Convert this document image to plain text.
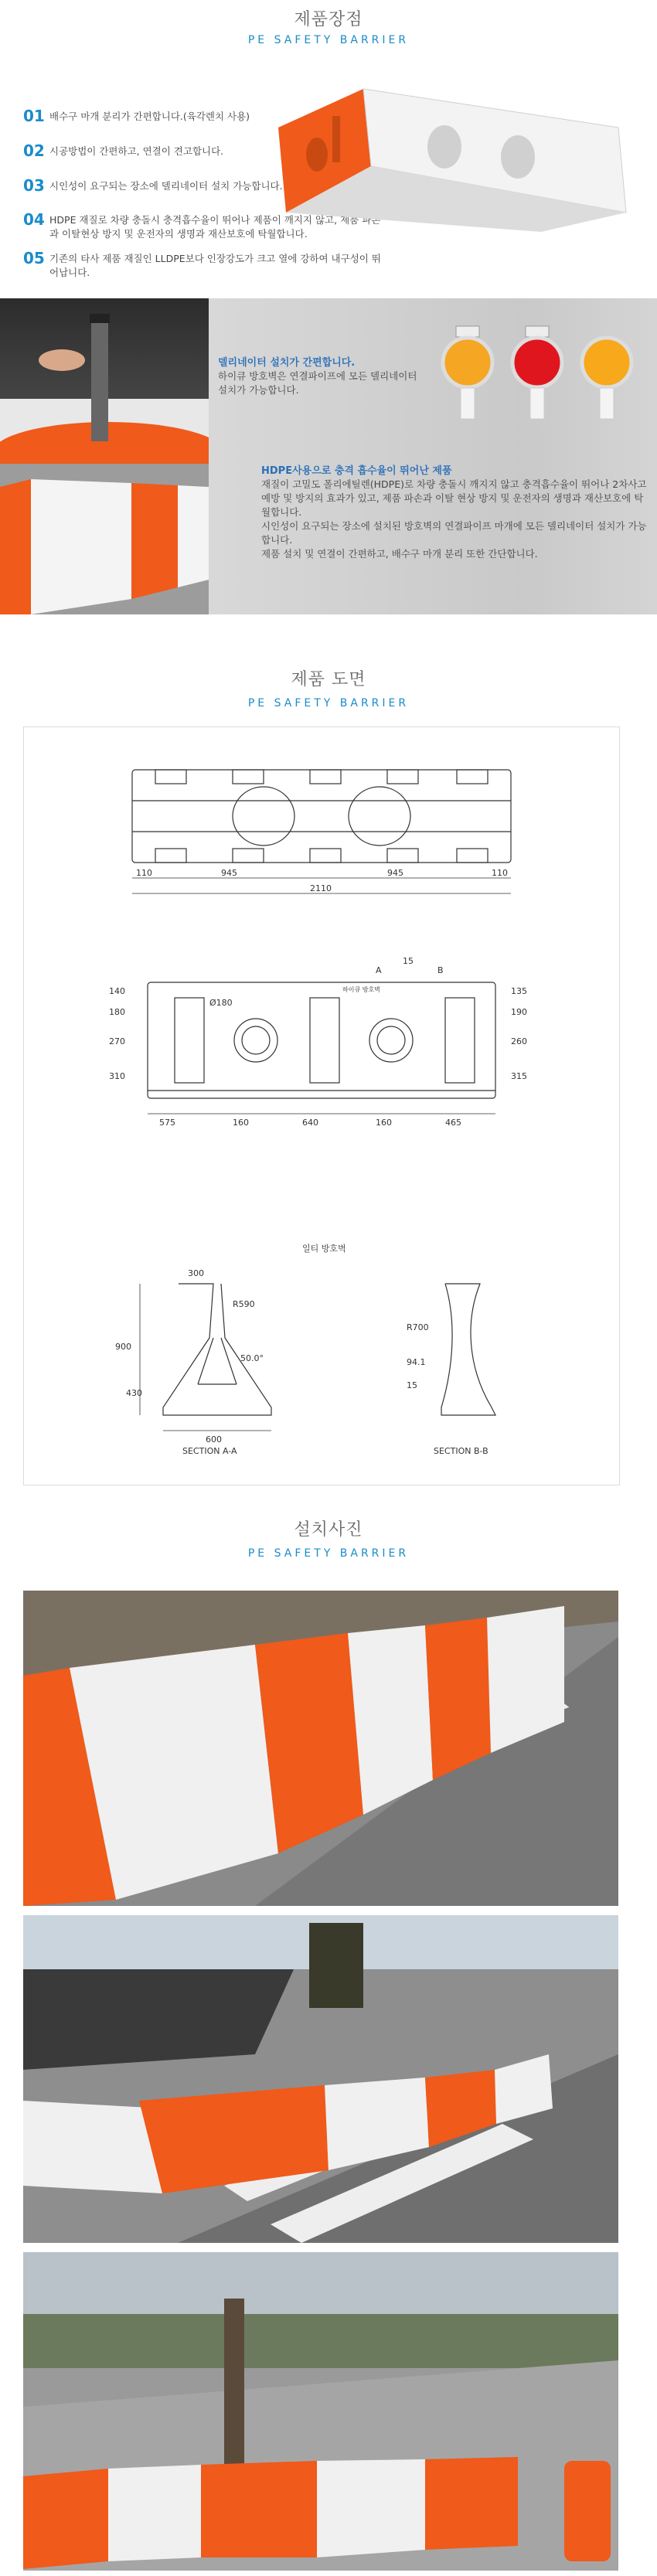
제품장점
PE SAFETY BARRIER
01 배수구 마개 분리가 간편합니다.(육각렌치 사용)
02 시공방법이 간편하고, 연결이 견고합니다.
03 시인성이 요구되는 장소에 델리네이터 설치 가능합니다.
04 HDPE 재질로 차량 충돌시 충격흡수율이 뛰어나 제품이 깨지지 않고, 제품 파손과 이탈현상 방지 및 운전자의 생명과 재산보호에 탁월합니다.
05 기존의 타사 제품 재질인 LLDPE보다 인장강도가 크고 열에 강하여 내구성이 뛰어납니다.
델리네이터 설치가 간편합니다.
하이큐 방호벽은 연결파이프에 모든 델리네이터 설치가 가능합니다.
HDPE사용으로 충격 흡수율이 뛰어난 제품
재질이 고밀도 폴리에틸렌(HDPE)로 차량 충돌시 깨지지 않고 충격흡수율이 뛰어나 2차사고 예방 및 방지의 효과가 있고, 제품 파손과 이탈 현상 방지 및 운전자의 생명과 재산보호에 탁월합니다.
시인성이 요구되는 장소에 설치된 방호벽의 연결파이프 마개에 모든 델리네이터 설치가 가능합니다.
제품 설치 및 연결이 간편하고, 배수구 마개 분리 또한 간단합니다.
제품 도면
PE SAFETY BARRIER
110	945	945	110
2110
575	160	640	160	465
140
180
270
310
135
190
260
315
15
Ø180
A	B
하이큐 방호벽
일티 방호벽
300
R590
50.0°
900
430
600
R700
94.1
15
SECTION A-A	SECTION B-B
설치사진
PE SAFETY BARRIER
